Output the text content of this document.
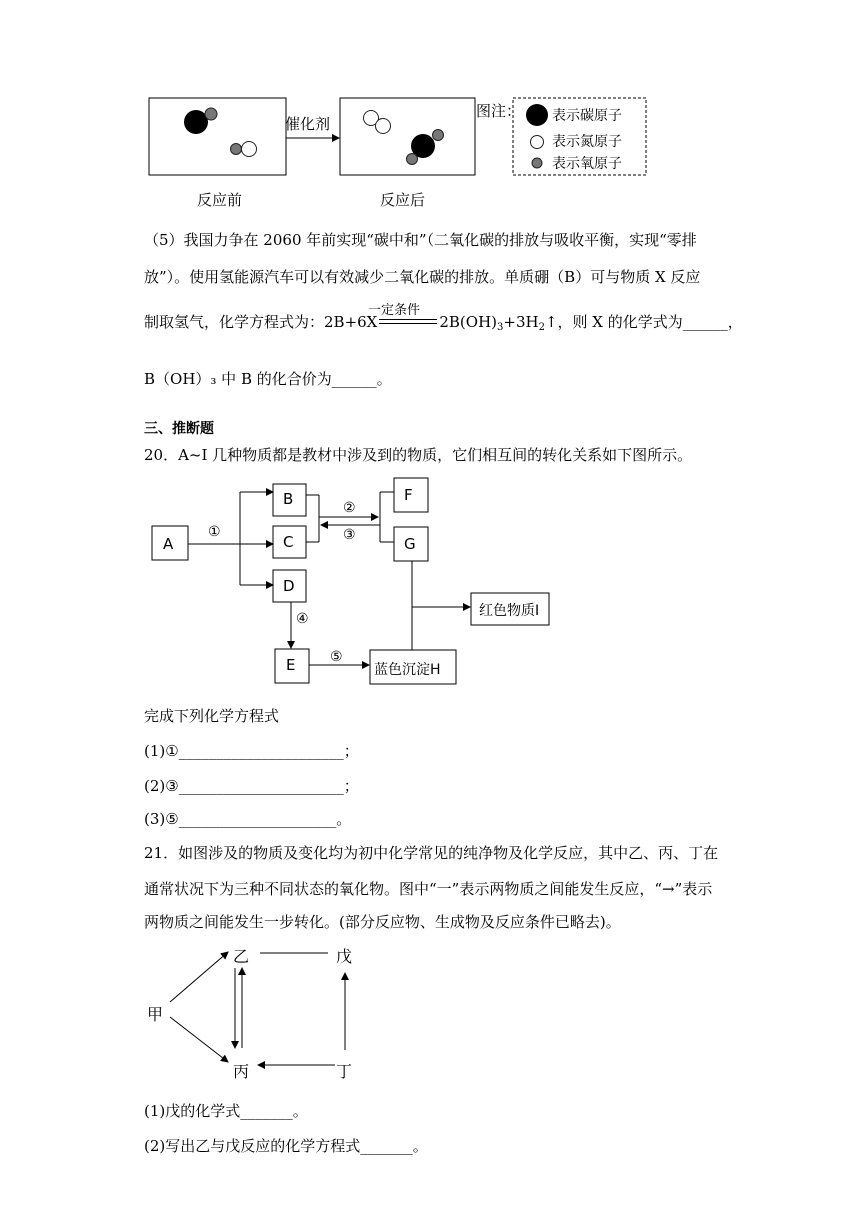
催化剂
图注： 表示碳原子
表示氮原子
表示氧原子
反应前	反应后
（5）我国力争在 2060 年前实现“碳中和”（二氧化碳的排放与吸收平衡，实现“零排
放”）。使用氢能源汽车可以有效减少二氧化碳的排放。单质硼（B）可与物质 X 反应
制取氢气，化学方程式为：2B+6X	$2B(OH)_3+3H_2↑$，则 X 的化学式为______，
一定条件
B（OH）₃ 中 B 的化合价为______。
三、推断题
20．A~I 几种物质都是教材中涉及到的物质，它们相互间的转化关系如下图所示。
A
B
C
D
E
F
G
蓝色沉淀H
红色物质I
①
②
③
④
⑤
完成下列化学方程式
(1)①______________________；
(2)③______________________；
(3)⑤_____________________。
21．如图涉及的物质及变化均为初中化学常见的纯净物及化学反应，其中乙、丙、丁在
通常状况下为三种不同状态的氧化物。图中“一”表示两物质之间能发生反应，“→”表示
两物质之间能发生一步转化。(部分反应物、生成物及反应条件已略去)。
甲
乙	戊
丙	丁
(1)戊的化学式_______。
(2)写出乙与戊反应的化学方程式_______。
